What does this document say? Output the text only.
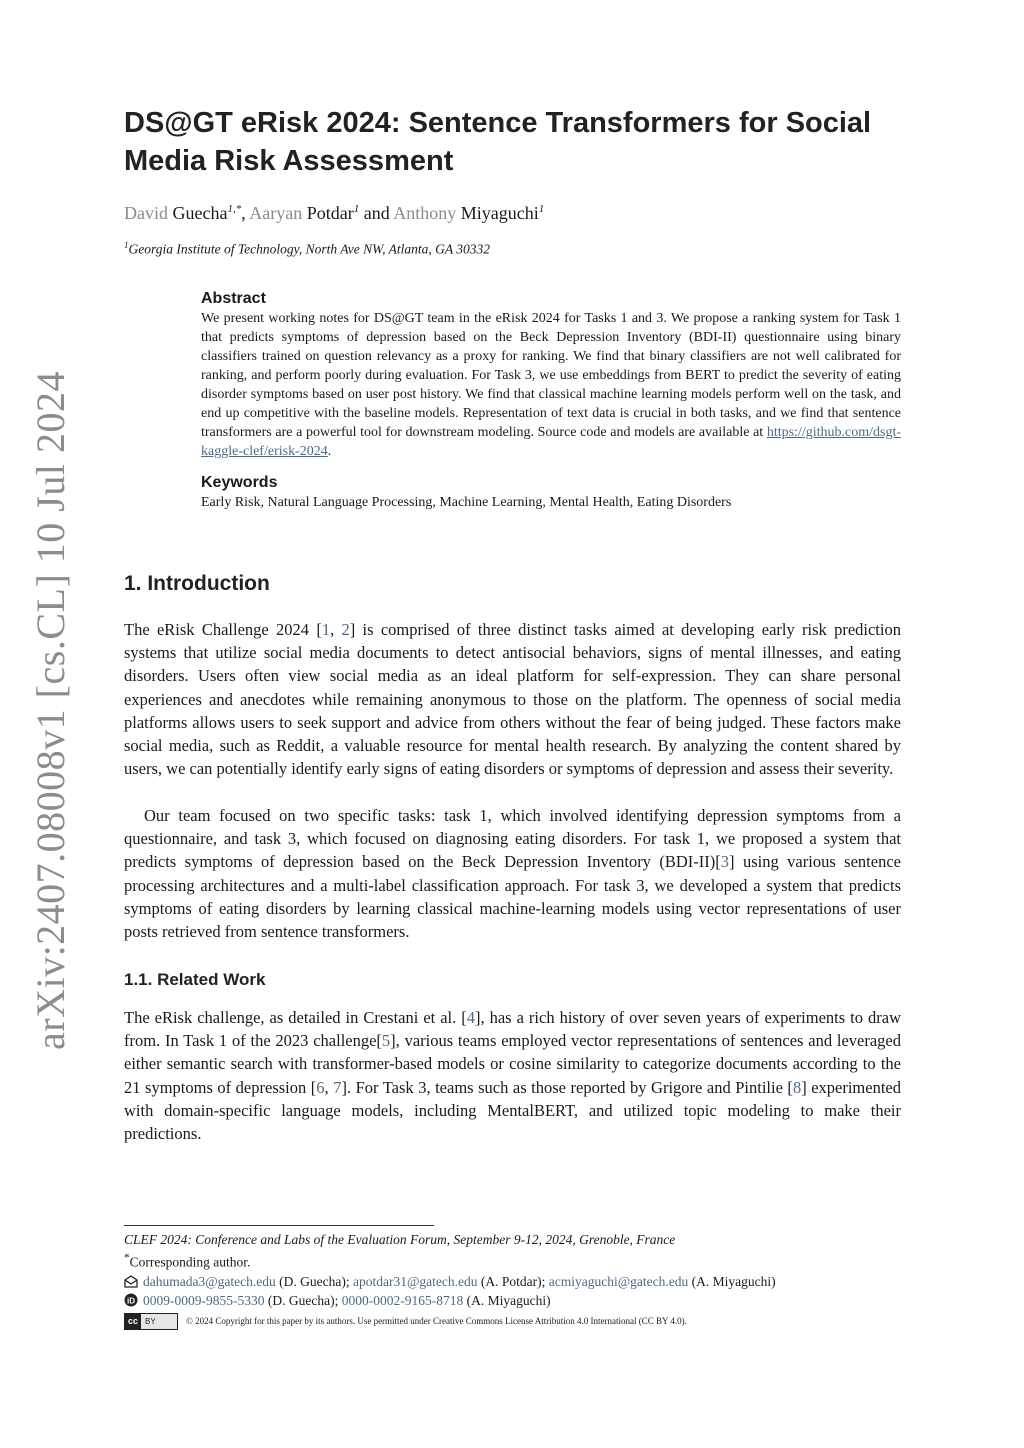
arXiv:2407.08008v1 [cs.CL] 10 Jul 2024
DS@GT eRisk 2024: Sentence Transformers for Social
Media Risk Assessment
David Guecha$^{1,*}$, Aaryan Potdar$^1$ and Anthony Miyaguchi$^1$
$^1$Georgia Institute of Technology, North Ave NW, Atlanta, GA 30332
Abstract

We present working notes for DS@GT team in the eRisk 2024 for Tasks 1 and 3. We propose a ranking system for Task 1 that predicts symptoms of depression based on the Beck Depression Inventory (BDI-II) questionnaire using binary classifiers trained on question relevancy as a proxy for ranking. We find that binary classifiers are not well calibrated for ranking, and perform poorly during evaluation. For Task 3, we use embeddings from BERT to predict the severity of eating disorder symptoms based on user post history. We find that classical machine learning models perform well on the task, and end up competitive with the baseline models. Representation of text data is crucial in both tasks, and we find that sentence transformers are a powerful tool for downstream modeling. Source code and models are available at https://github.com/dsgt-kaggle-clef/erisk-2024.

Keywords

Early Risk, Natural Language Processing, Machine Learning, Mental Health, Eating Disorders

1. Introduction

The eRisk Challenge 2024 [1, 2] is comprised of three distinct tasks aimed at developing early risk prediction systems that utilize social media documents to detect antisocial behaviors, signs of mental illnesses, and eating disorders. Users often view social media as an ideal platform for self-expression. They can share personal experiences and anecdotes while remaining anonymous to those on the platform. The openness of social media platforms allows users to seek support and advice from others without the fear of being judged. These factors make social media, such as Reddit, a valuable resource for mental health research. By analyzing the content shared by users, we can potentially identify early signs of eating disorders or symptoms of depression and assess their severity.

Our team focused on two specific tasks: task 1, which involved identifying depression symptoms from a questionnaire, and task 3, which focused on diagnosing eating disorders. For task 1, we proposed a system that predicts symptoms of depression based on the Beck Depression Inventory (BDI-II)[3] using various sentence processing architectures and a multi-label classification approach. For task 3, we developed a system that predicts symptoms of eating disorders by learning classical machine-learning models using vector representations of user posts retrieved from sentence transformers.

1.1. Related Work

The eRisk challenge, as detailed in Crestani et al. [4], has a rich history of over seven years of experiments to draw from. In Task 1 of the 2023 challenge[5], various teams employed vector representations of sentences and leveraged either semantic search with transformer-based models or cosine similarity to categorize documents according to the 21 symptoms of depression [6, 7]. For Task 3, teams such as those reported by Grigore and Pintilie [8] experimented with domain-specific language models, including MentalBERT, and utilized topic modeling to make their predictions.

CLEF 2024: Conference and Labs of the Evaluation Forum, September 9-12, 2024, Grenoble, France
*Corresponding author.
dahumada3@gatech.edu (D. Guecha); apotdar31@gatech.edu (A. Potdar); acmiyaguchi@gatech.edu (A. Miyaguchi)
iD 0009-0009-9855-5330 (D. Guecha); 0000-0002-9165-8718 (A. Miyaguchi)
cc BY	© 2024 Copyright for this paper by its authors. Use permitted under Creative Commons License Attribution 4.0 International (CC BY 4.0).
